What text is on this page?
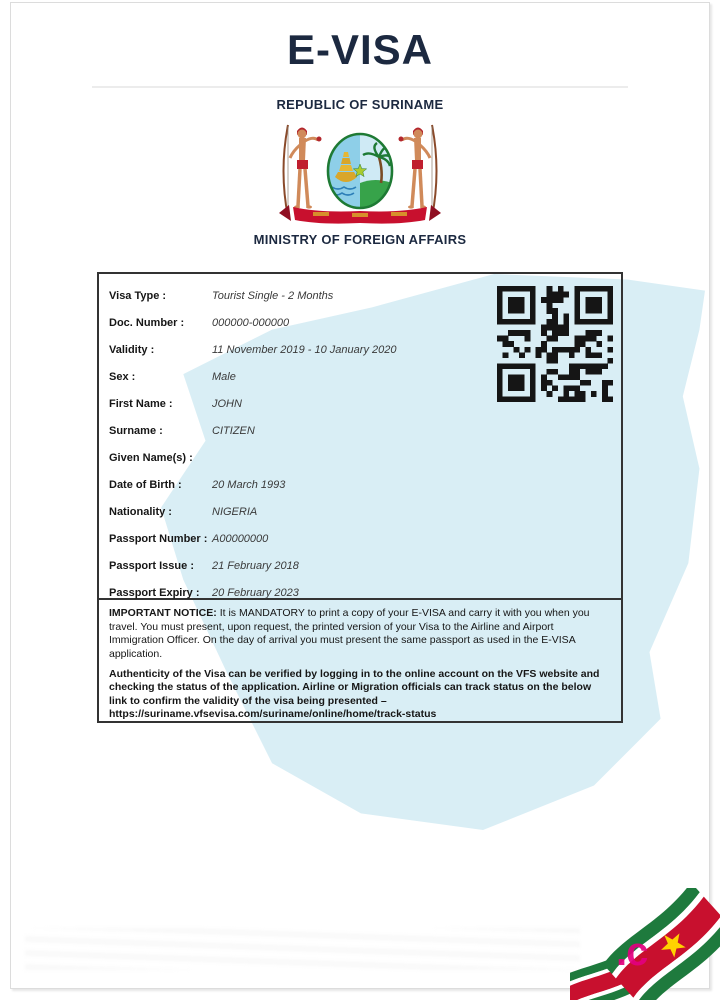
E-VISA
REPUBLIC OF SURINAME
MINISTRY OF FOREIGN AFFAIRS
Visa Type :	Tourist Single - 2 Months
Doc. Number :	000000-000000
Validity :	11 November 2019 - 10 January 2020
Sex :	Male
First Name :	JOHN
Surname :	CITIZEN
Given Name(s) :
Date of Birth :	20 March 1993
Nationality :	NIGERIA
Passport Number : A00000000
Passport Issue :	21 February 2018
Passport Expiry :	20 February 2023

IMPORTANT NOTICE: It is MANDATORY to print a copy of your E-VISA and carry it with you when you travel. You must present, upon request, the printed version of your Visa to the Airline and Airport Immigration Officer. On the day of arrival you must present the same passport as used in the E-VISA application.

Authenticity of the Visa can be verified by logging in to the online account on the VFS website and checking the status of the application. Airline or Migration officials can track status on the below link to confirm the validity of the visa being presented – https://suriname.vfsevisa.com/suriname/online/home/track-status

.c
